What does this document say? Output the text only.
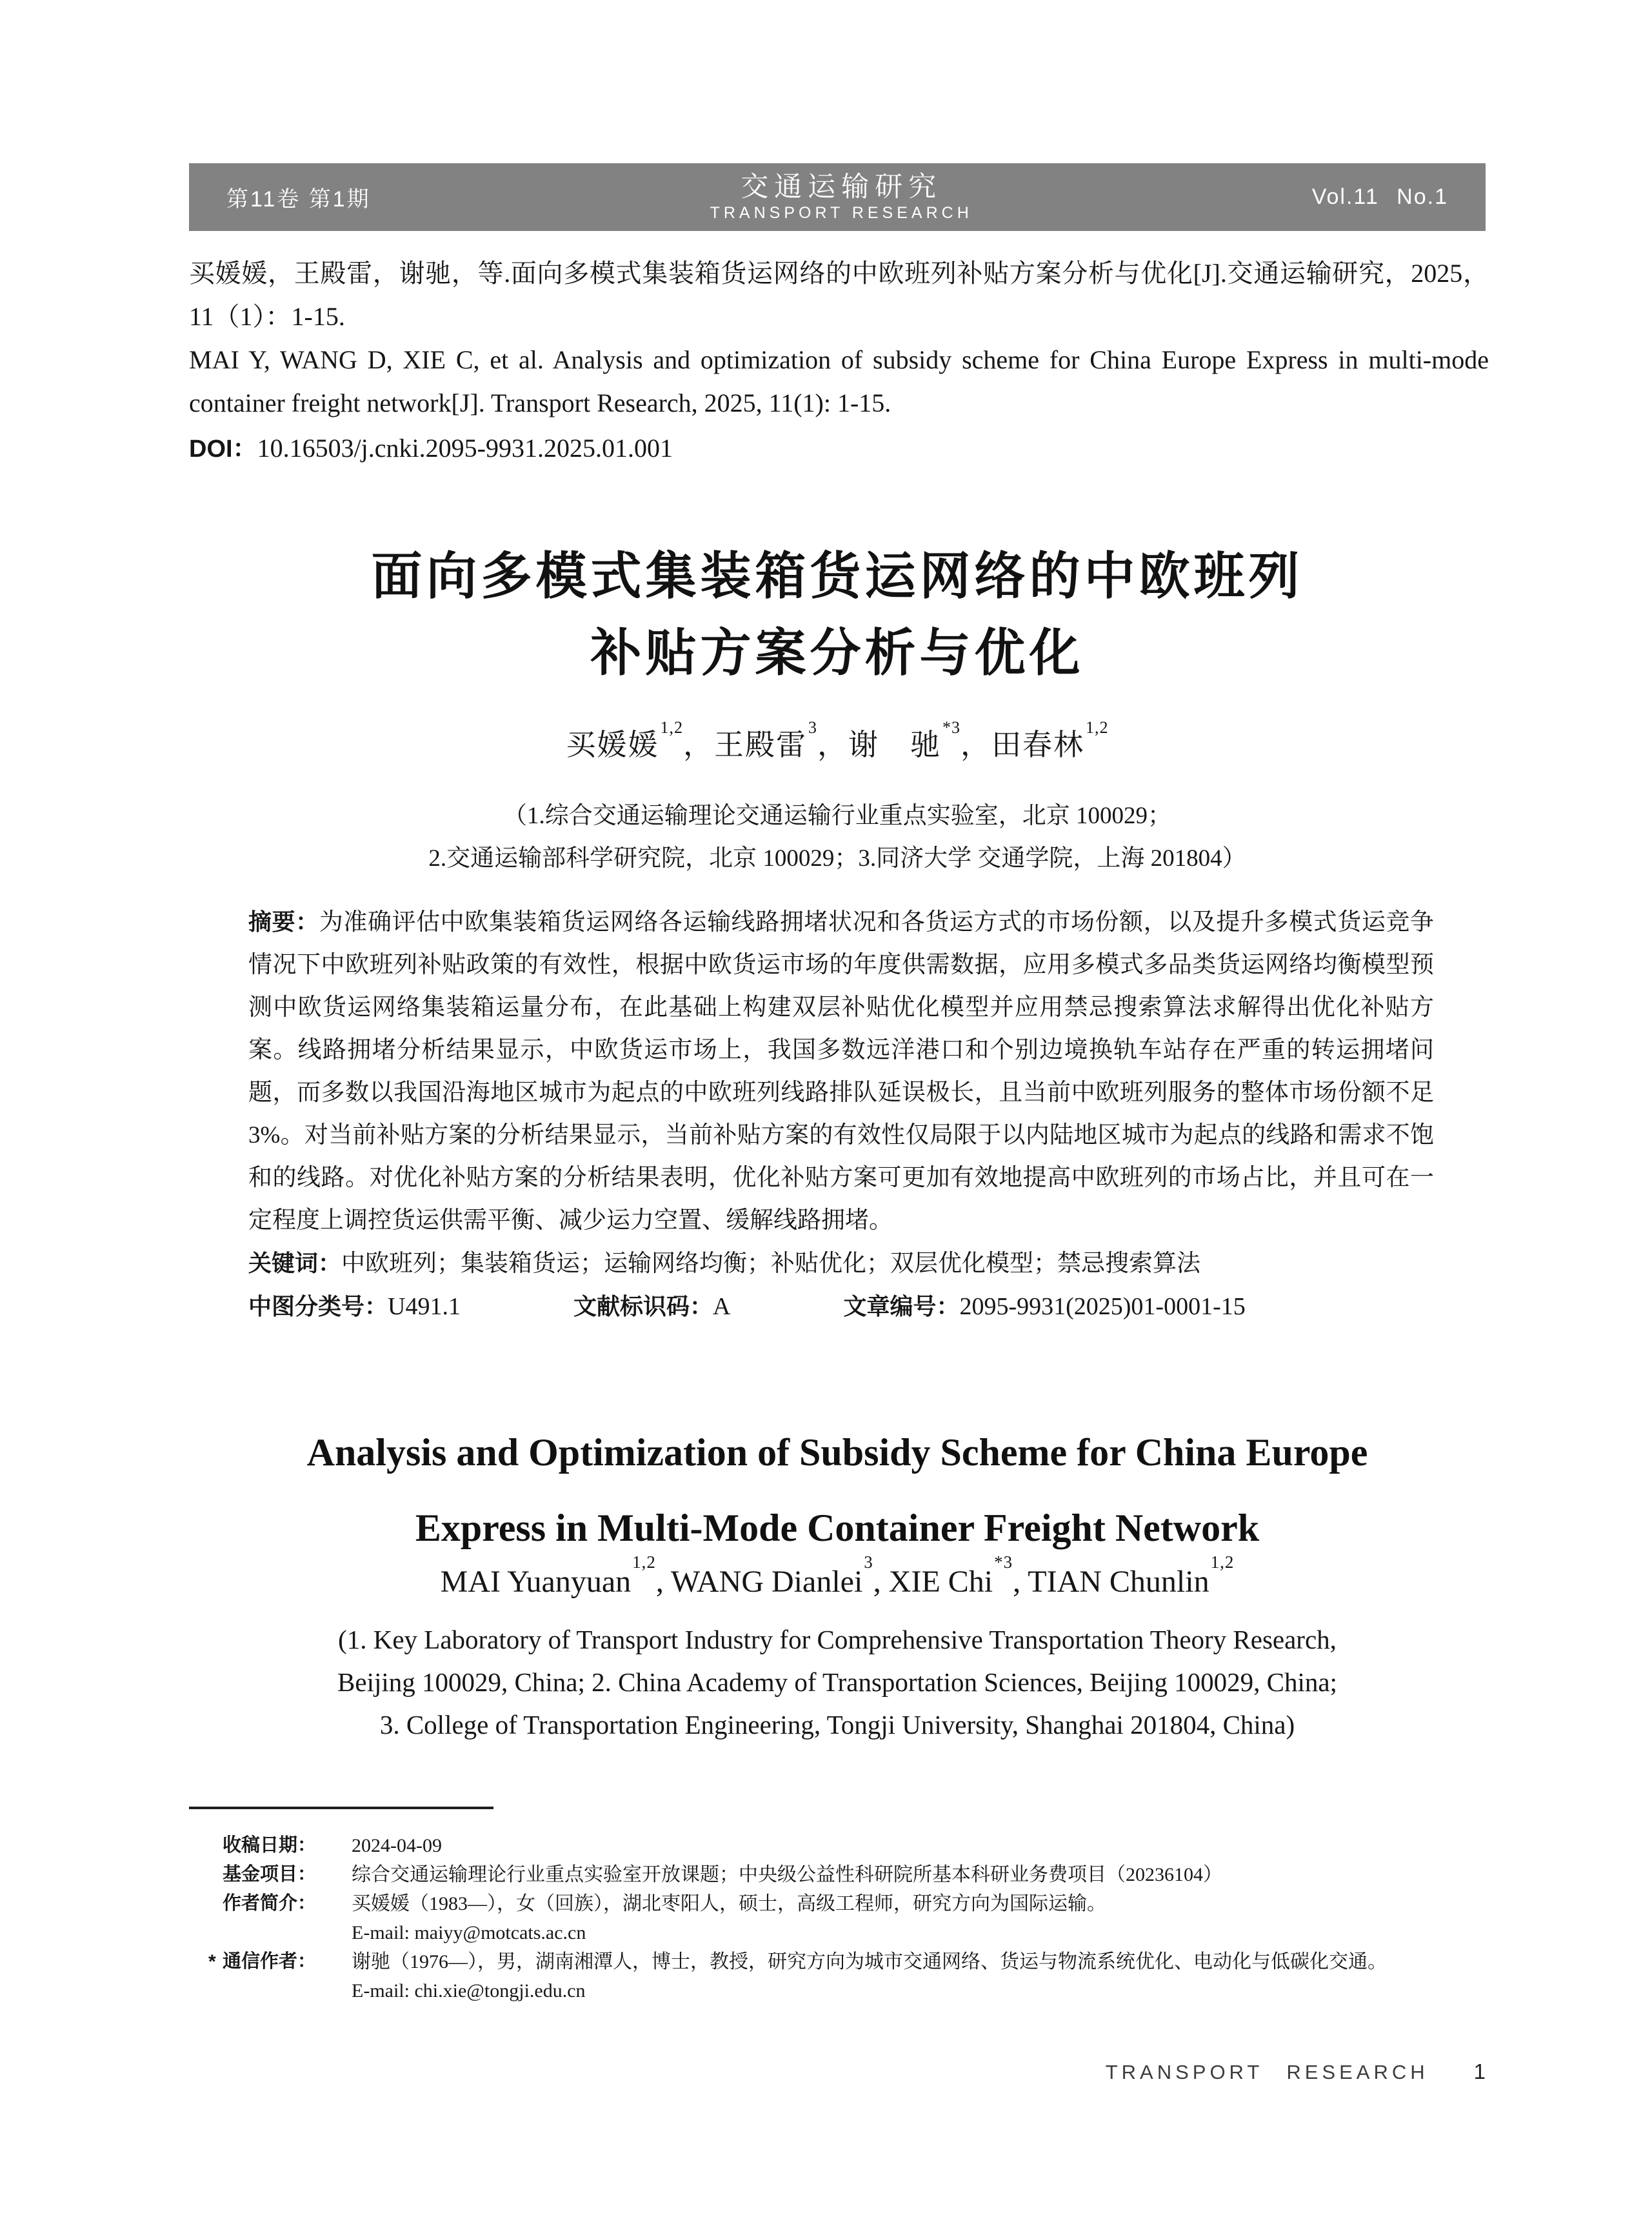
第11卷 第1期	交通运输研究
TRANSPORT RESEARCH
Vol.11 No.1

买媛媛，王殿雷，谢驰，等.面向多模式集装箱货运网络的中欧班列补贴方案分析与优化[J].交通运输研究，2025，11（1）：1-15.

MAI Y, WANG D, XIE C, et al. Analysis and optimization of subsidy scheme for China Europe Express in multi-mode container freight network[J]. Transport Research, 2025, 11(1): 1-15.

DOI：10.16503/j.cnki.2095-9931.2025.01.001

面向多模式集装箱货运网络的中欧班列
补贴方案分析与优化
买媛媛$^{1,2}$，王殿雷$^3$，谢　驰$^{*3}$，田春林$^{1,2}$
（1.综合交通运输理论交通运输行业重点实验室，北京 100029；
2.交通运输部科学研究院，北京 100029；3.同济大学 交通学院，上海 201804）

摘要：为准确评估中欧集装箱货运网络各运输线路拥堵状况和各货运方式的市场份额，以及提升多模式货运竞争情况下中欧班列补贴政策的有效性，根据中欧货运市场的年度供需数据，应用多模式多品类货运网络均衡模型预测中欧货运网络集装箱运量分布，在此基础上构建双层补贴优化模型并应用禁忌搜索算法求解得出优化补贴方案。线路拥堵分析结果显示，中欧货运市场上，我国多数远洋港口和个别边境换轨车站存在严重的转运拥堵问题，而多数以我国沿海地区城市为起点的中欧班列线路排队延误极长，且当前中欧班列服务的整体市场份额不足3%。对当前补贴方案的分析结果显示，当前补贴方案的有效性仅局限于以内陆地区城市为起点的线路和需求不饱和的线路。对优化补贴方案的分析结果表明，优化补贴方案可更加有效地提高中欧班列的市场占比，并且可在一定程度上调控货运供需平衡、减少运力空置、缓解线路拥堵。

关键词：中欧班列；集装箱货运；运输网络均衡；补贴优化；双层优化模型；禁忌搜索算法

中图分类号：U491.1	文献标识码：A	文章编号：2095-9931(2025)01-0001-15
Analysis and Optimization of Subsidy Scheme for China Europe
Express in Multi-Mode Container Freight Network
MAI Yuanyuan$^{1,2}$, WANG Dianlei$^3$, XIE Chi$^{*3}$, TIAN Chunlin$^{1,2}$
(1. Key Laboratory of Transport Industry for Comprehensive Transportation Theory Research,
Beijing 100029, China; 2. China Academy of Transportation Sciences, Beijing 100029, China;
3. College of Transportation Engineering, Tongji University, Shanghai 201804, China)
收稿日期：	2024-04-09
基金项目：	综合交通运输理论行业重点实验室开放课题；中央级公益性科研院所基本科研业务费项目（20236104）
作者简介：	买媛媛（1983—），女（回族），湖北枣阳人，硕士，高级工程师，研究方向为国际运输。
E-mail: maiyy@motcats.ac.cn
* 通信作者：	谢驰（1976—），男，湖南湘潭人，博士，教授，研究方向为城市交通网络、货运与物流系统优化、电动化与低碳化交通。
E-mail: chi.xie@tongji.edu.cn
TRANSPORT RESEARCH 1
